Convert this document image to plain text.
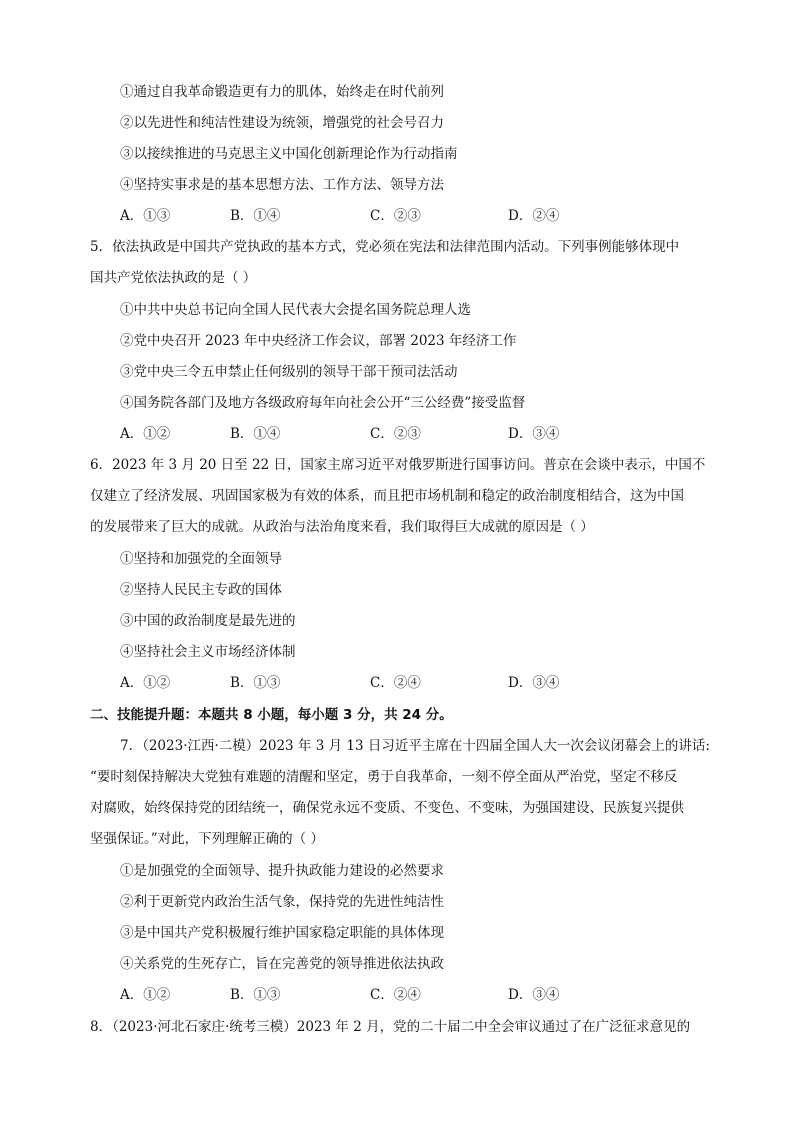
①通过自我革命锻造更有力的肌体，始终走在时代前列
②以先进性和纯洁性建设为统领，增强党的社会号召力
③以接续推进的马克思主义中国化创新理论作为行动指南
④坚持实事求是的基本思想方法、工作方法、领导方法
A．①③	B．①④	C．②③	D．②④
5．依法执政是中国共产党执政的基本方式，党必须在宪法和法律范围内活动。下列事例能够体现中
国共产党依法执政的是（ ）
①中共中央总书记向全国人民代表大会提名国务院总理人选
②党中央召开 2023 年中央经济工作会议，部署 2023 年经济工作
③党中央三令五申禁止任何级别的领导干部干预司法活动
④国务院各部门及地方各级政府每年向社会公开“三公经费”接受监督
A．①②	B．①④	C．②③	D．③④
6．2023 年 3 月 20 日至 22 日，国家主席习近平对俄罗斯进行国事访问。普京在会谈中表示，中国不
仅建立了经济发展、巩固国家极为有效的体系，而且把市场机制和稳定的政治制度相结合，这为中国
的发展带来了巨大的成就。从政治与法治角度来看，我们取得巨大成就的原因是（ ）
①坚持和加强党的全面领导
②坚持人民民主专政的国体
③中国的政治制度是最先进的
④坚持社会主义市场经济体制
A．①②	B．①③	C．②④	D．③④
二、技能提升题：本题共 8 小题，每小题 3 分，共 24 分。
7．（2023·江西·二模）2023 年 3 月 13 日习近平主席在十四届全国人大一次会议闭幕会上的讲话:
“要时刻保持解决大党独有难题的清醒和坚定，勇于自我革命，一刻不停全面从严治党，坚定不移反
对腐败，始终保持党的团结统一，确保党永远不变质、不变色、不变味，为强国建设、民族复兴提供
坚强保证。”对此，下列理解正确的（ ）
①是加强党的全面领导、提升执政能力建设的必然要求
②利于更新党内政治生活气象，保持党的先进性纯洁性
③是中国共产党积极履行维护国家稳定职能的具体体现
④关系党的生死存亡，旨在完善党的领导推进依法执政
A．①②	B．①③	C．②④	D．③④
8．（2023·河北石家庄·统考三模）2023 年 2 月，党的二十届二中全会审议通过了在广泛征求意见的
